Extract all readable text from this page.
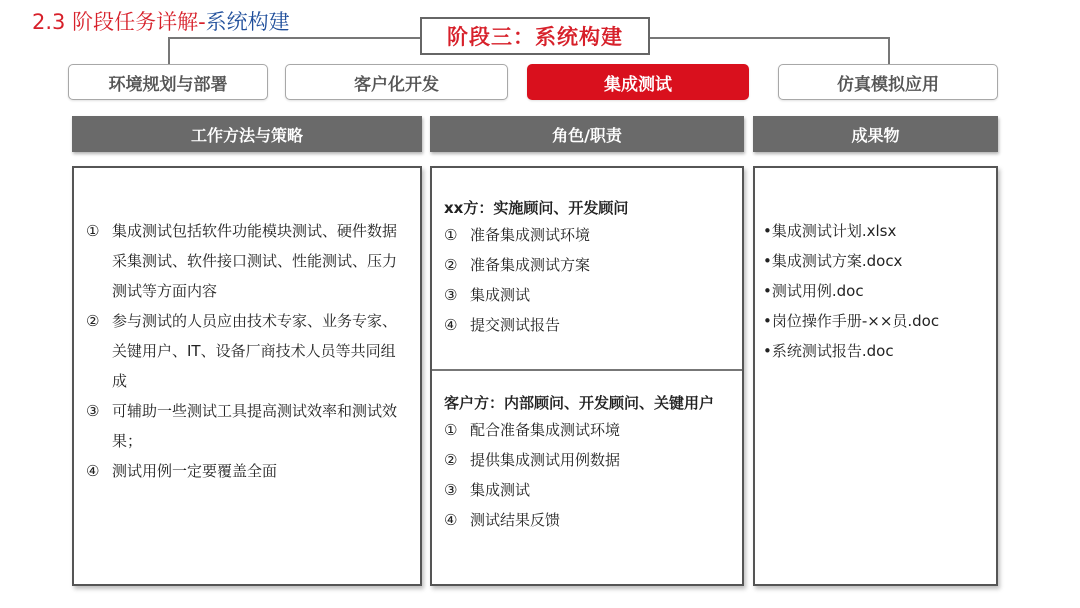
2.3 阶段任务详解-系统构建
阶段三：系统构建
环境规划与部署	客户化开发	集成测试	仿真模拟应用
工作方法与策略	角色/职责	成果物
① 集成测试包括软件功能模块测试、硬件数据采集测试、软件接口测试、性能测试、压力测试等方面内容
② 参与测试的人员应由技术专家、业务专家、关键用户、IT、设备厂商技术人员等共同组成
③ 可辅助一些测试工具提高测试效率和测试效果；
④ 测试用例一定要覆盖全面
xx方：实施顾问、开发顾问
① 准备集成测试环境
② 准备集成测试方案
③ 集成测试
④ 提交测试报告
客户方：内部顾问、开发顾问、关键用户
① 配合准备集成测试环境
② 提供集成测试用例数据
③ 集成测试
④ 测试结果反馈
•集成测试计划.xlsx
•集成测试方案.docx
•测试用例.doc
•岗位操作手册-××员.doc
•系统测试报告.doc
